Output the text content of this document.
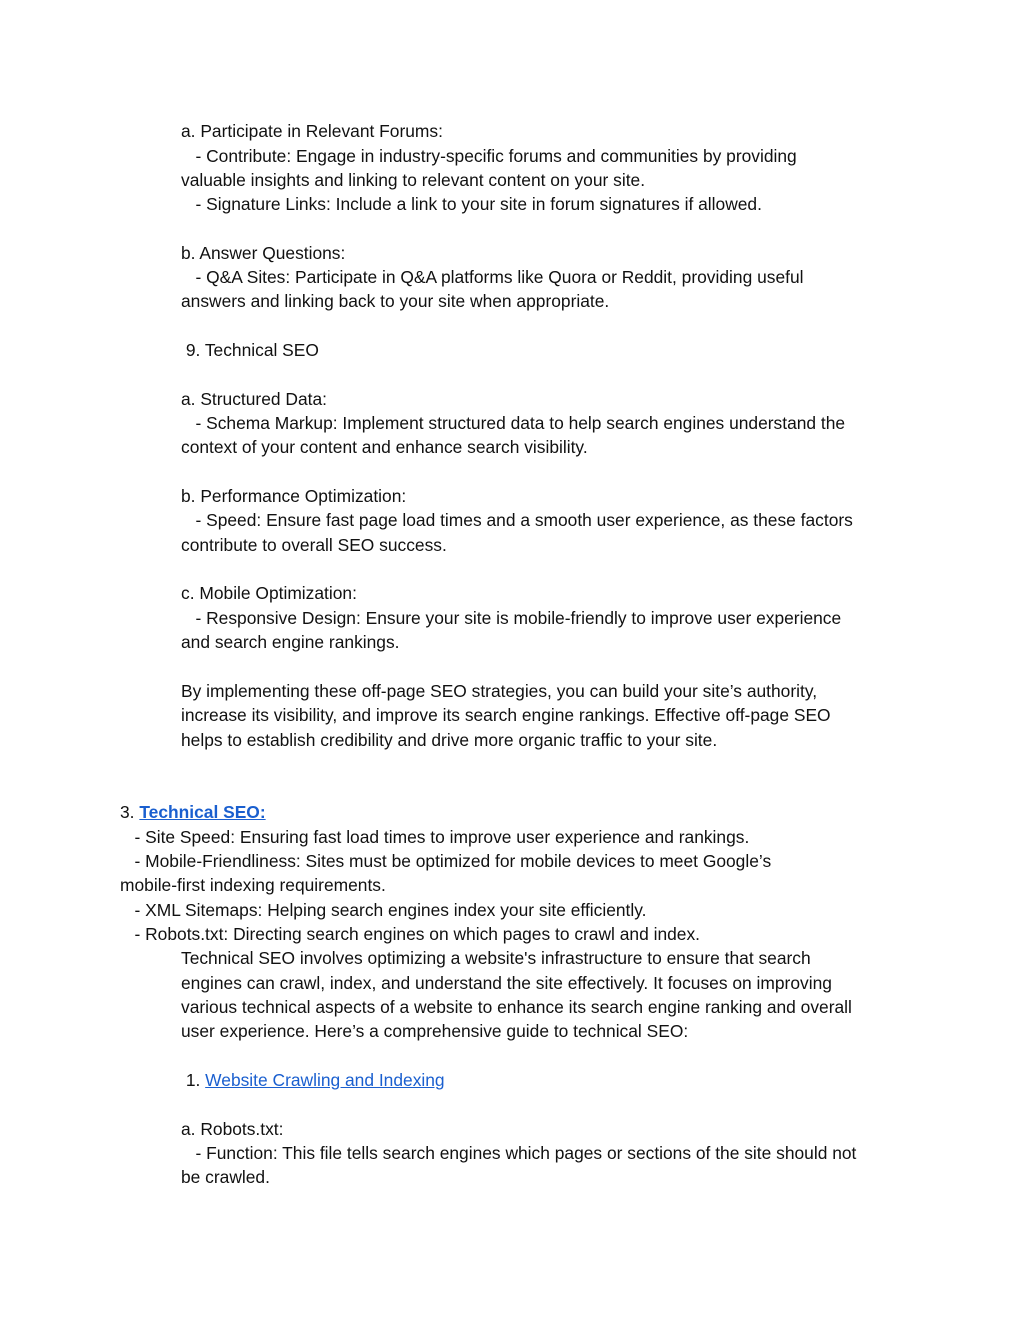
a. Participate in Relevant Forums:

- Contribute: Engage in industry-specific forums and communities by providing

valuable insights and linking to relevant content on your site.

- Signature Links: Include a link to your site in forum signatures if allowed.

b. Answer Questions:

- Q&A Sites: Participate in Q&A platforms like Quora or Reddit, providing useful

answers and linking back to your site when appropriate.

9. Technical SEO

a. Structured Data:

- Schema Markup: Implement structured data to help search engines understand the

context of your content and enhance search visibility.

b. Performance Optimization:

- Speed: Ensure fast page load times and a smooth user experience, as these factors

contribute to overall SEO success.

c. Mobile Optimization:

- Responsive Design: Ensure your site is mobile-friendly to improve user experience

and search engine rankings.

By implementing these off-page SEO strategies, you can build your site’s authority,

increase its visibility, and improve its search engine rankings. Effective off-page SEO

helps to establish credibility and drive more organic traffic to your site.

3. Technical SEO:

- Site Speed: Ensuring fast load times to improve user experience and rankings.

- Mobile-Friendliness: Sites must be optimized for mobile devices to meet Google’s

mobile-first indexing requirements.

- XML Sitemaps: Helping search engines index your site efficiently.

- Robots.txt: Directing search engines on which pages to crawl and index.

Technical SEO involves optimizing a website's infrastructure to ensure that search

engines can crawl, index, and understand the site effectively. It focuses on improving

various technical aspects of a website to enhance its search engine ranking and overall

user experience. Here’s a comprehensive guide to technical SEO:

1. Website Crawling and Indexing

a. Robots.txt:

- Function: This file tells search engines which pages or sections of the site should not

be crawled.
